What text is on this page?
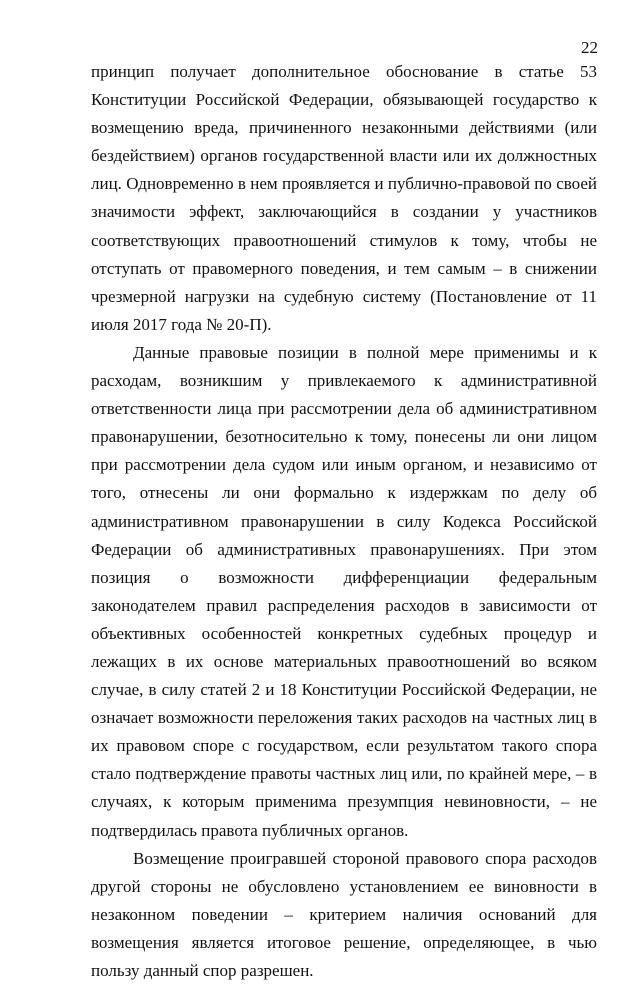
22

принцип получает дополнительное обоснование в статье 53 Конституции Российской Федерации, обязывающей государство к возмещению вреда, причиненного незаконными действиями (или бездействием) органов государственной власти или их должностных лиц. Одновременно в нем проявляется и публично-правовой по своей значимости эффект, заключающийся в создании у участников соответствующих правоотношений стимулов к тому, чтобы не отступать от правомерного поведения, и тем самым – в снижении чрезмерной нагрузки на судебную систему (Постановление от 11 июля 2017 года № 20-П).

Данные правовые позиции в полной мере применимы и к расходам, возникшим у привлекаемого к административной ответственности лица при рассмотрении дела об административном правонарушении, безотносительно к тому, понесены ли они лицом при рассмотрении дела судом или иным органом, и независимо от того, отнесены ли они формально к издержкам по делу об административном правонарушении в силу Кодекса Российской Федерации об административных правонарушениях. При этом позиция о возможности дифференциации федеральным законодателем правил распределения расходов в зависимости от объективных особенностей конкретных судебных процедур и лежащих в их основе материальных правоотношений во всяком случае, в силу статей 2 и 18 Конституции Российской Федерации, не означает возможности переложения таких расходов на частных лиц в их правовом споре с государством, если результатом такого спора стало подтверждение правоты частных лиц или, по крайней мере, – в случаях, к которым применима презумпция невиновности, – не подтвердилась правота публичных органов.

Возмещение проигравшей стороной правового спора расходов другой стороны не обусловлено установлением ее виновности в незаконном поведении – критерием наличия оснований для возмещения является итоговое решение, определяющее, в чью пользу данный спор разрешен.
